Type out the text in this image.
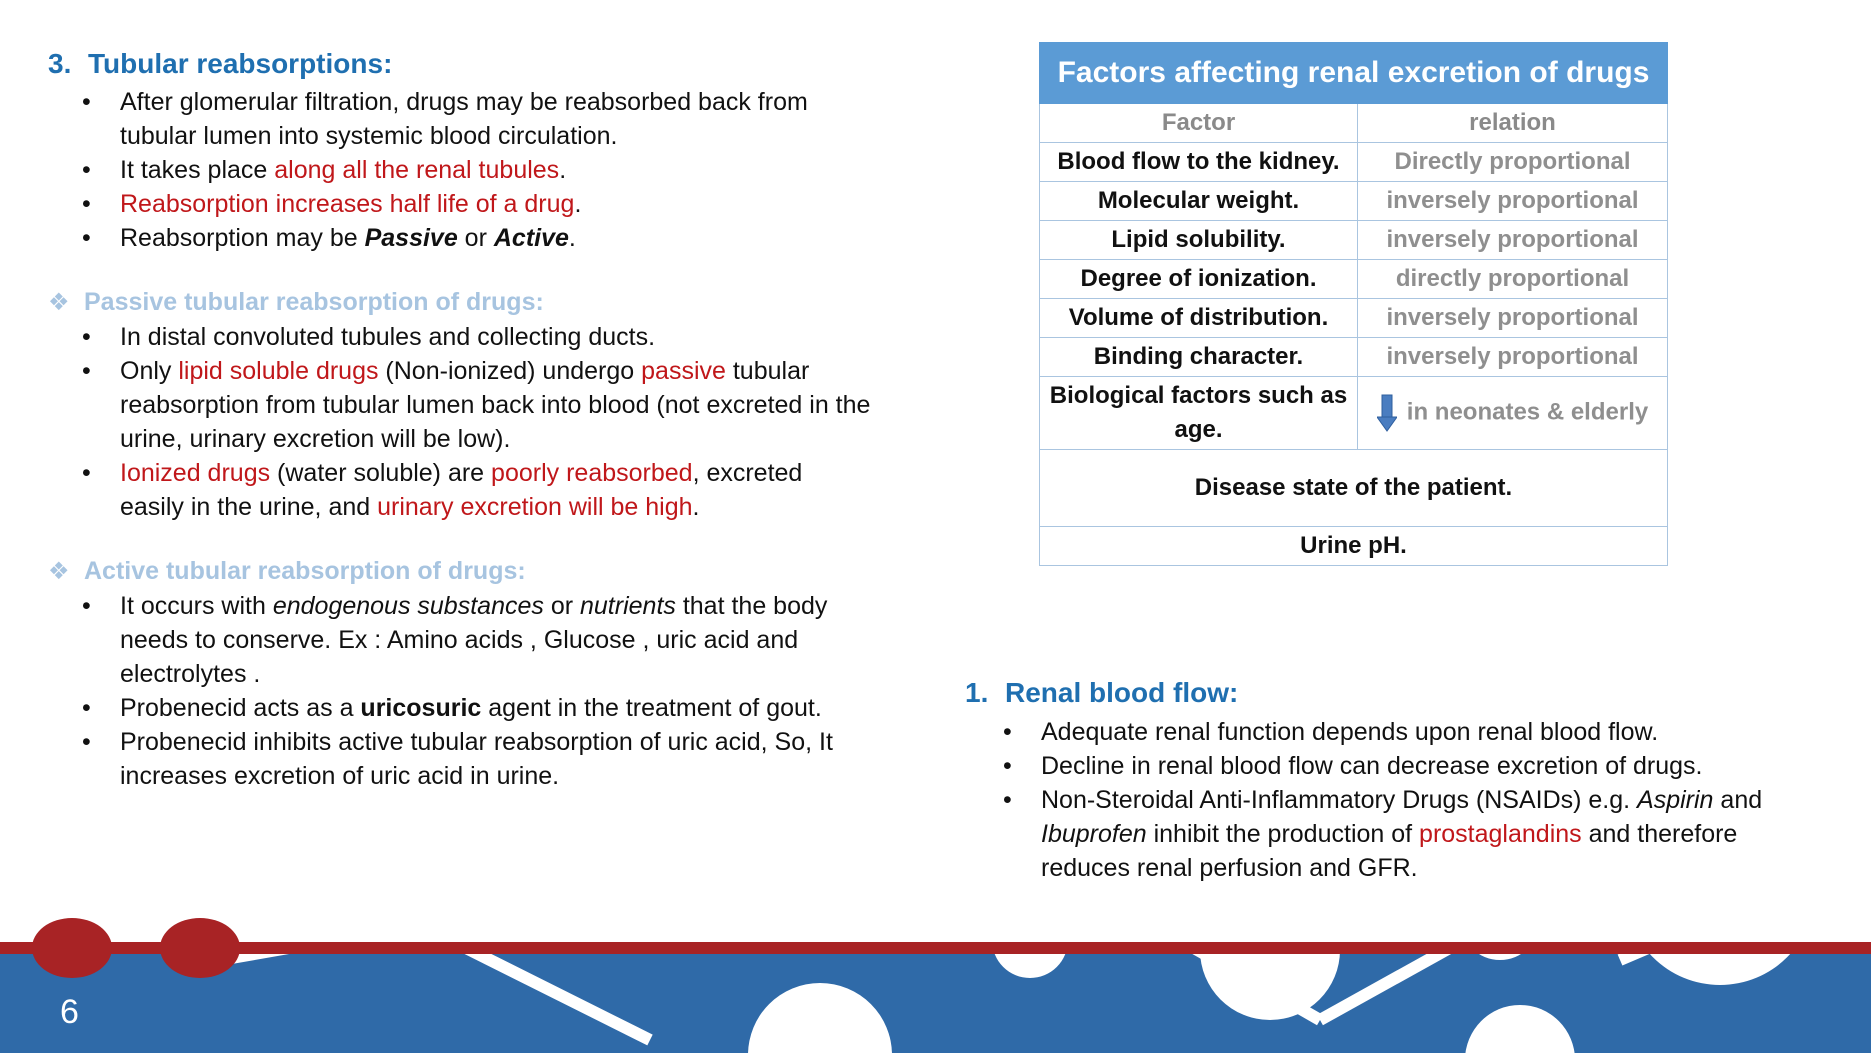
3. Tubular reabsorptions:
• After glomerular filtration, drugs may be reabsorbed back from tubular lumen into systemic blood circulation.
• It takes place along all the renal tubules.
• Reabsorption increases half life of a drug.
• Reabsorption may be Passive or Active.
❖ Passive tubular reabsorption of drugs:
• In distal convoluted tubules and collecting ducts.
• Only lipid soluble drugs (Non-ionized) undergo passive tubular reabsorption from tubular lumen back into blood (not excreted in the urine, urinary excretion will be low).
• Ionized drugs (water soluble) are poorly reabsorbed, excreted easily in the urine, and urinary excretion will be high.
❖ Active tubular reabsorption of drugs:
• It occurs with endogenous substances or nutrients that the body needs to conserve. Ex : Amino acids , Glucose , uric acid and electrolytes .
• Probenecid acts as a uricosuric agent in the treatment of gout.
• Probenecid inhibits active tubular reabsorption of uric acid, So, It increases excretion of uric acid in urine.
Factors affecting renal excretion of drugs	
Factor	relation
Blood flow to the kidney.	Directly proportional
Molecular weight.	inversely proportional
Lipid solubility.	inversely proportional
Degree of ionization.	directly proportional
Volume of distribution.	inversely proportional
Binding character.	inversely proportional
Biological factors such as age.	in neonates & elderly
Disease state of the patient.	
Urine pH.	
1. Renal blood flow:
• Adequate renal function depends upon renal blood flow.
• Decline in renal blood flow can decrease excretion of drugs.
• Non-Steroidal Anti-Inflammatory Drugs (NSAIDs) e.g. Aspirin and Ibuprofen inhibit the production of prostaglandins and therefore reduces renal perfusion and GFR.
6
